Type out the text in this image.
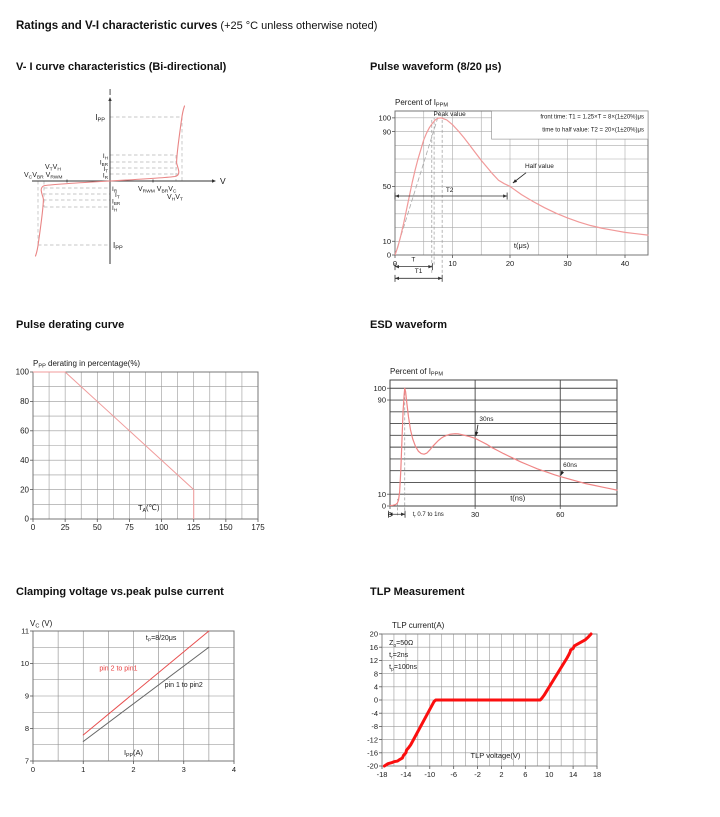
Ratings and V-I characteristic curves (+25 °C unless otherwise noted)
V- I curve characteristics (Bi-directional)	Pulse waveform (8/20 μs)
Pulse derating curve	ESD waveform
Clamping voltage vs.peak pulse current	TLP Measurement
I
$I_{PP}$
$I_H$
$I_{BR}$
$I_T$
$I_R$
$I_R$
$I_T$
$I_{BR}$
$I_H$
$I_{PP}$
V
$V_TV_H$
$V_CV_{BR}$ $V_{RWM}$
$V_{RWM}$ $V_{BR}V_C$
$V_HV_T$
T2
T
T1
0	10	20	30	40
0
10
50
90
100	Peak value	front time: T1 = 1.25×T = 8×(1±20%)μs
time to half value: T2 = 20×(1±20%)μs
Half value
t(μs)
Percent of $I_{PPM}$
0	25	50	75	100 125 150 175
0
20
40
60
80
100
$T_A(℃)$
$P_{PP}$ derating in percentage(%)
$t_r$ 0.7 to 1ns
0	30	60
0
10
90
100
30ns
60ns
t(ns)
Percent of $I_{PPM}$
0	1	2	3	4
7
8
9
10
11
$t_P=8/20\mu s$
pin 2 to pin1
pin 1 to pin2
$I_{PP}(A)$
$V_C$ (V)
-18 -14 -10 -6 -2 2	6 10 14 18
-20
-16
-12
-8
-4
0
4
8
12
16
20
$Z_0=50\Omega$
$t_r=2ns$
$t_p=100ns$
TLP voltage(V)
TLP current(A)
